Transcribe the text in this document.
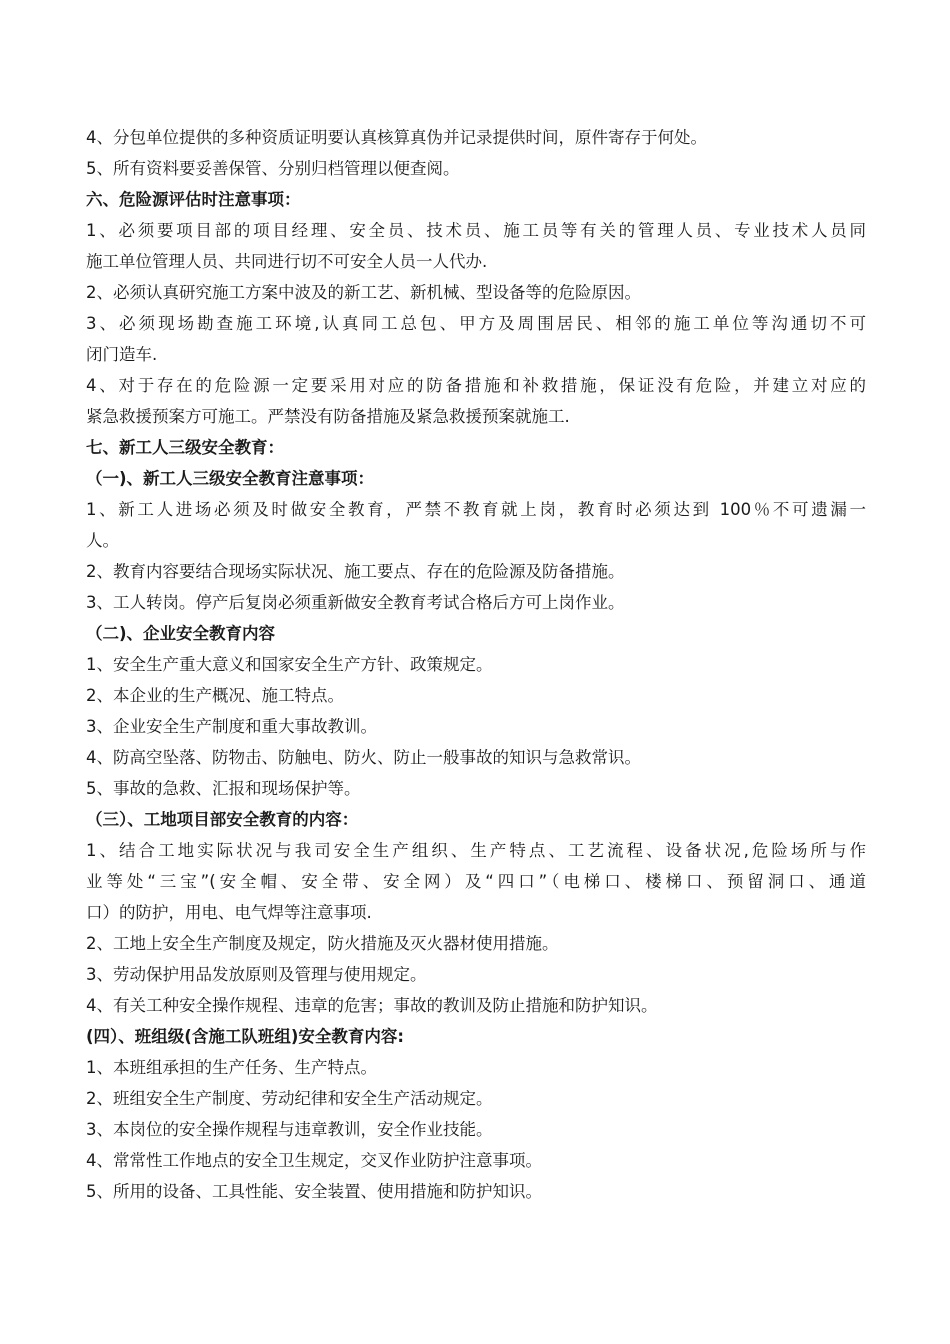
4、分包单位提供的多种资质证明要认真核算真伪并记录提供时间，原件寄存于何处。
5、所有资料要妥善保管、分别归档管理以便查阅。
六、危险源评估时注意事项：
1、必须要项目部的项目经理、安全员、技术员、施工员等有关的管理人员、专业技术人员同
施工单位管理人员、共同进行切不可安全人员一人代办.
2、必须认真研究施工方案中波及的新工艺、新机械、型设备等的危险原因。
3、必须现场勘查施工环境,认真同工总包、甲方及周围居民、相邻的施工单位等沟通切不可
闭门造车.
4、对于存在的危险源一定要采用对应的防备措施和补救措施，保证没有危险，并建立对应的
紧急救援预案方可施工。严禁没有防备措施及紧急救援预案就施工.
七、新工人三级安全教育：
（一)、新工人三级安全教育注意事项：
1、新工人进场必须及时做安全教育，严禁不教育就上岗，教育时必须达到 100％不可遗漏一
人。
2、教育内容要结合现场实际状况、施工要点、存在的危险源及防备措施。
3、工人转岗。停产后复岗必须重新做安全教育考试合格后方可上岗作业。
（二)、企业安全教育内容
1、安全生产重大意义和国家安全生产方针、政策规定。
2、本企业的生产概况、施工特点。
3、企业安全生产制度和重大事故教训。
4、防高空坠落、防物击、防触电、防火、防止一般事故的知识与急救常识。
5、事故的急救、汇报和现场保护等。
（三）、工地项目部安全教育的内容：
1、结合工地实际状况与我司安全生产组织、生产特点、工艺流程、设备状况,危险场所与作
业等处“三宝”(安全帽、安全带、安全网）及“四口”（电梯口、楼梯口、预留洞口、通道
口）的防护，用电、电气焊等注意事项.
2、工地上安全生产制度及规定，防火措施及灭火器材使用措施。
3、劳动保护用品发放原则及管理与使用规定。
4、有关工种安全操作规程、违章的危害；事故的教训及防止措施和防护知识。
(四）、班组级(含施工队班组)安全教育内容:
1、本班组承担的生产任务、生产特点。
2、班组安全生产制度、劳动纪律和安全生产活动规定。
3、本岗位的安全操作规程与违章教训，安全作业技能。
4、常常性工作地点的安全卫生规定，交叉作业防护注意事项。
5、所用的设备、工具性能、安全装置、使用措施和防护知识。
